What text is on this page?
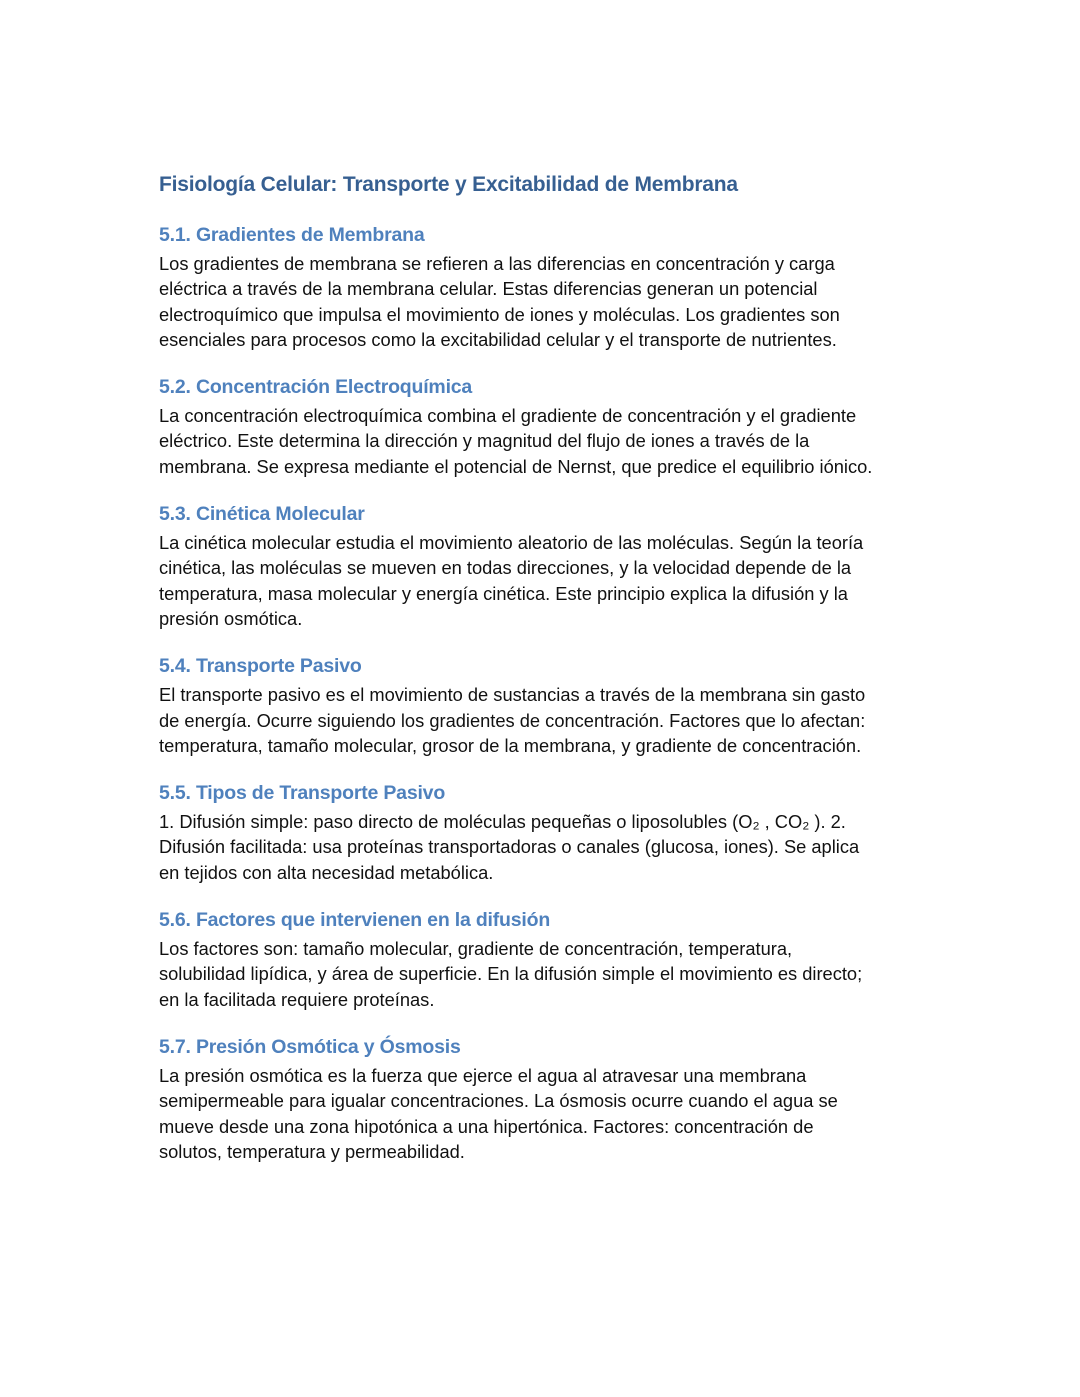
Fisiología Celular: Transporte y Excitabilidad de Membrana
5.1. Gradientes de Membrana
Los gradientes de membrana se refieren a las diferencias en concentración y carga
eléctrica a través de la membrana celular. Estas diferencias generan un potencial
electroquímico que impulsa el movimiento de iones y moléculas. Los gradientes son
esenciales para procesos como la excitabilidad celular y el transporte de nutrientes.
5.2. Concentración Electroquímica
La concentración electroquímica combina el gradiente de concentración y el gradiente
eléctrico. Este determina la dirección y magnitud del flujo de iones a través de la
membrana. Se expresa mediante el potencial de Nernst, que predice el equilibrio iónico.
5.3. Cinética Molecular
La cinética molecular estudia el movimiento aleatorio de las moléculas. Según la teoría
cinética, las moléculas se mueven en todas direcciones, y la velocidad depende de la
temperatura, masa molecular y energía cinética. Este principio explica la difusión y la
presión osmótica.
5.4. Transporte Pasivo
El transporte pasivo es el movimiento de sustancias a través de la membrana sin gasto
de energía. Ocurre siguiendo los gradientes de concentración. Factores que lo afectan:
temperatura, tamaño molecular, grosor de la membrana, y gradiente de concentración.
5.5. Tipos de Transporte Pasivo
1. Difusión simple: paso directo de moléculas pequeñas o liposolubles (O₂ , CO₂ ). 2.
Difusión facilitada: usa proteínas transportadoras o canales (glucosa, iones). Se aplica
en tejidos con alta necesidad metabólica.
5.6. Factores que intervienen en la difusión
Los factores son: tamaño molecular, gradiente de concentración, temperatura,
solubilidad lipídica, y área de superficie. En la difusión simple el movimiento es directo;
en la facilitada requiere proteínas.
5.7. Presión Osmótica y Ósmosis
La presión osmótica es la fuerza que ejerce el agua al atravesar una membrana
semipermeable para igualar concentraciones. La ósmosis ocurre cuando el agua se
mueve desde una zona hipotónica a una hipertónica. Factores: concentración de
solutos, temperatura y permeabilidad.
